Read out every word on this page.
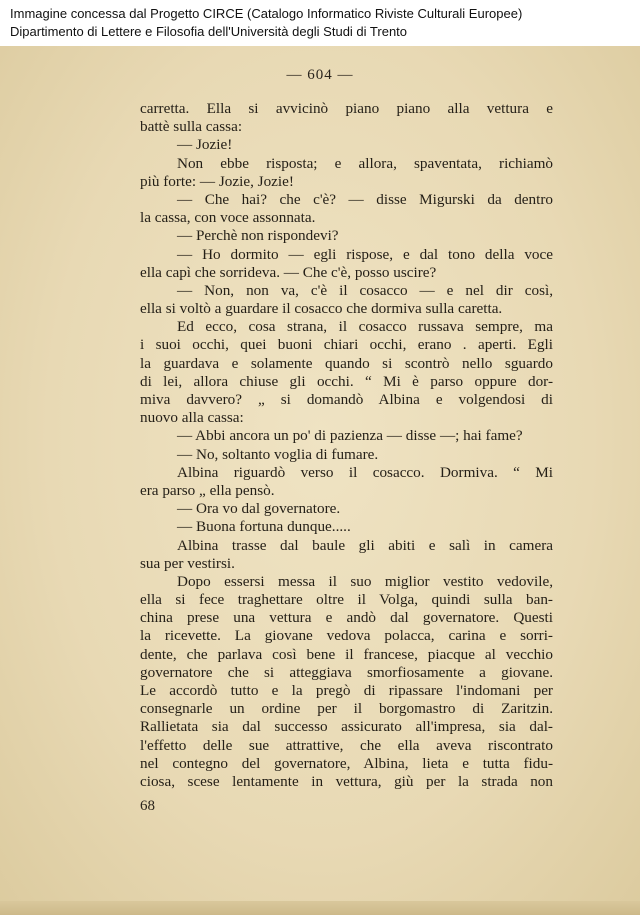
Immagine concessa dal Progetto CIRCE (Catalogo Informatico Riviste Culturali Europee)
Dipartimento di Lettere e Filosofia dell'Università degli Studi di Trento
— 604 —
carretta. Ella si avvicinò piano piano alla vettura e
battè sulla cassa:
— Jozie!
Non ebbe risposta; e allora, spaventata, richiamò
più forte: — Jozie, Jozie!
— Che hai? che c'è? — disse Migurski da dentro
la cassa, con voce assonnata.
— Perchè non rispondevi?
— Ho dormito — egli rispose, e dal tono della voce
ella capì che sorrideva. — Che c'è, posso uscire?
— Non, non va, c'è il cosacco — e nel dir così,
ella si voltò a guardare il cosacco che dormiva sulla caretta.
Ed ecco, cosa strana, il cosacco russava sempre, ma
i suoi occhi, quei buoni chiari occhi, erano . aperti. Egli
la guardava e solamente quando si scontrò nello sguardo
di lei, allora chiuse gli occhi. “ Mi è parso oppure dor-
miva davvero? „ si domandò Albina e volgendosi di
nuovo alla cassa:
— Abbi ancora un po' di pazienza — disse —; hai fame?
— No, soltanto voglia di fumare.
Albina riguardò verso il cosacco. Dormiva. “ Mi
era parso „ ella pensò.
— Ora vo dal governatore.
— Buona fortuna dunque.....
Albina trasse dal baule gli abiti e salì in camera
sua per vestirsi.
Dopo essersi messa il suo miglior vestito vedovile,
ella si fece traghettare oltre il Volga, quindi sulla ban-
china prese una vettura e andò dal governatore. Questi
la ricevette. La giovane vedova polacca, carina e sorri-
dente, che parlava così bene il francese, piacque al vecchio
governatore che si atteggiava smorfiosamente a giovane.
Le accordò tutto e la pregò di ripassare l'indomani per
consegnarle un ordine per il borgomastro di Zaritzin.
Rallietata sia dal successo assicurato all'impresa, sia dal-
l'effetto delle sue attrattive, che ella aveva riscontrato
nel contegno del governatore, Albina, lieta e tutta fidu-
ciosa, scese lentamente in vettura, giù per la strada non
68
